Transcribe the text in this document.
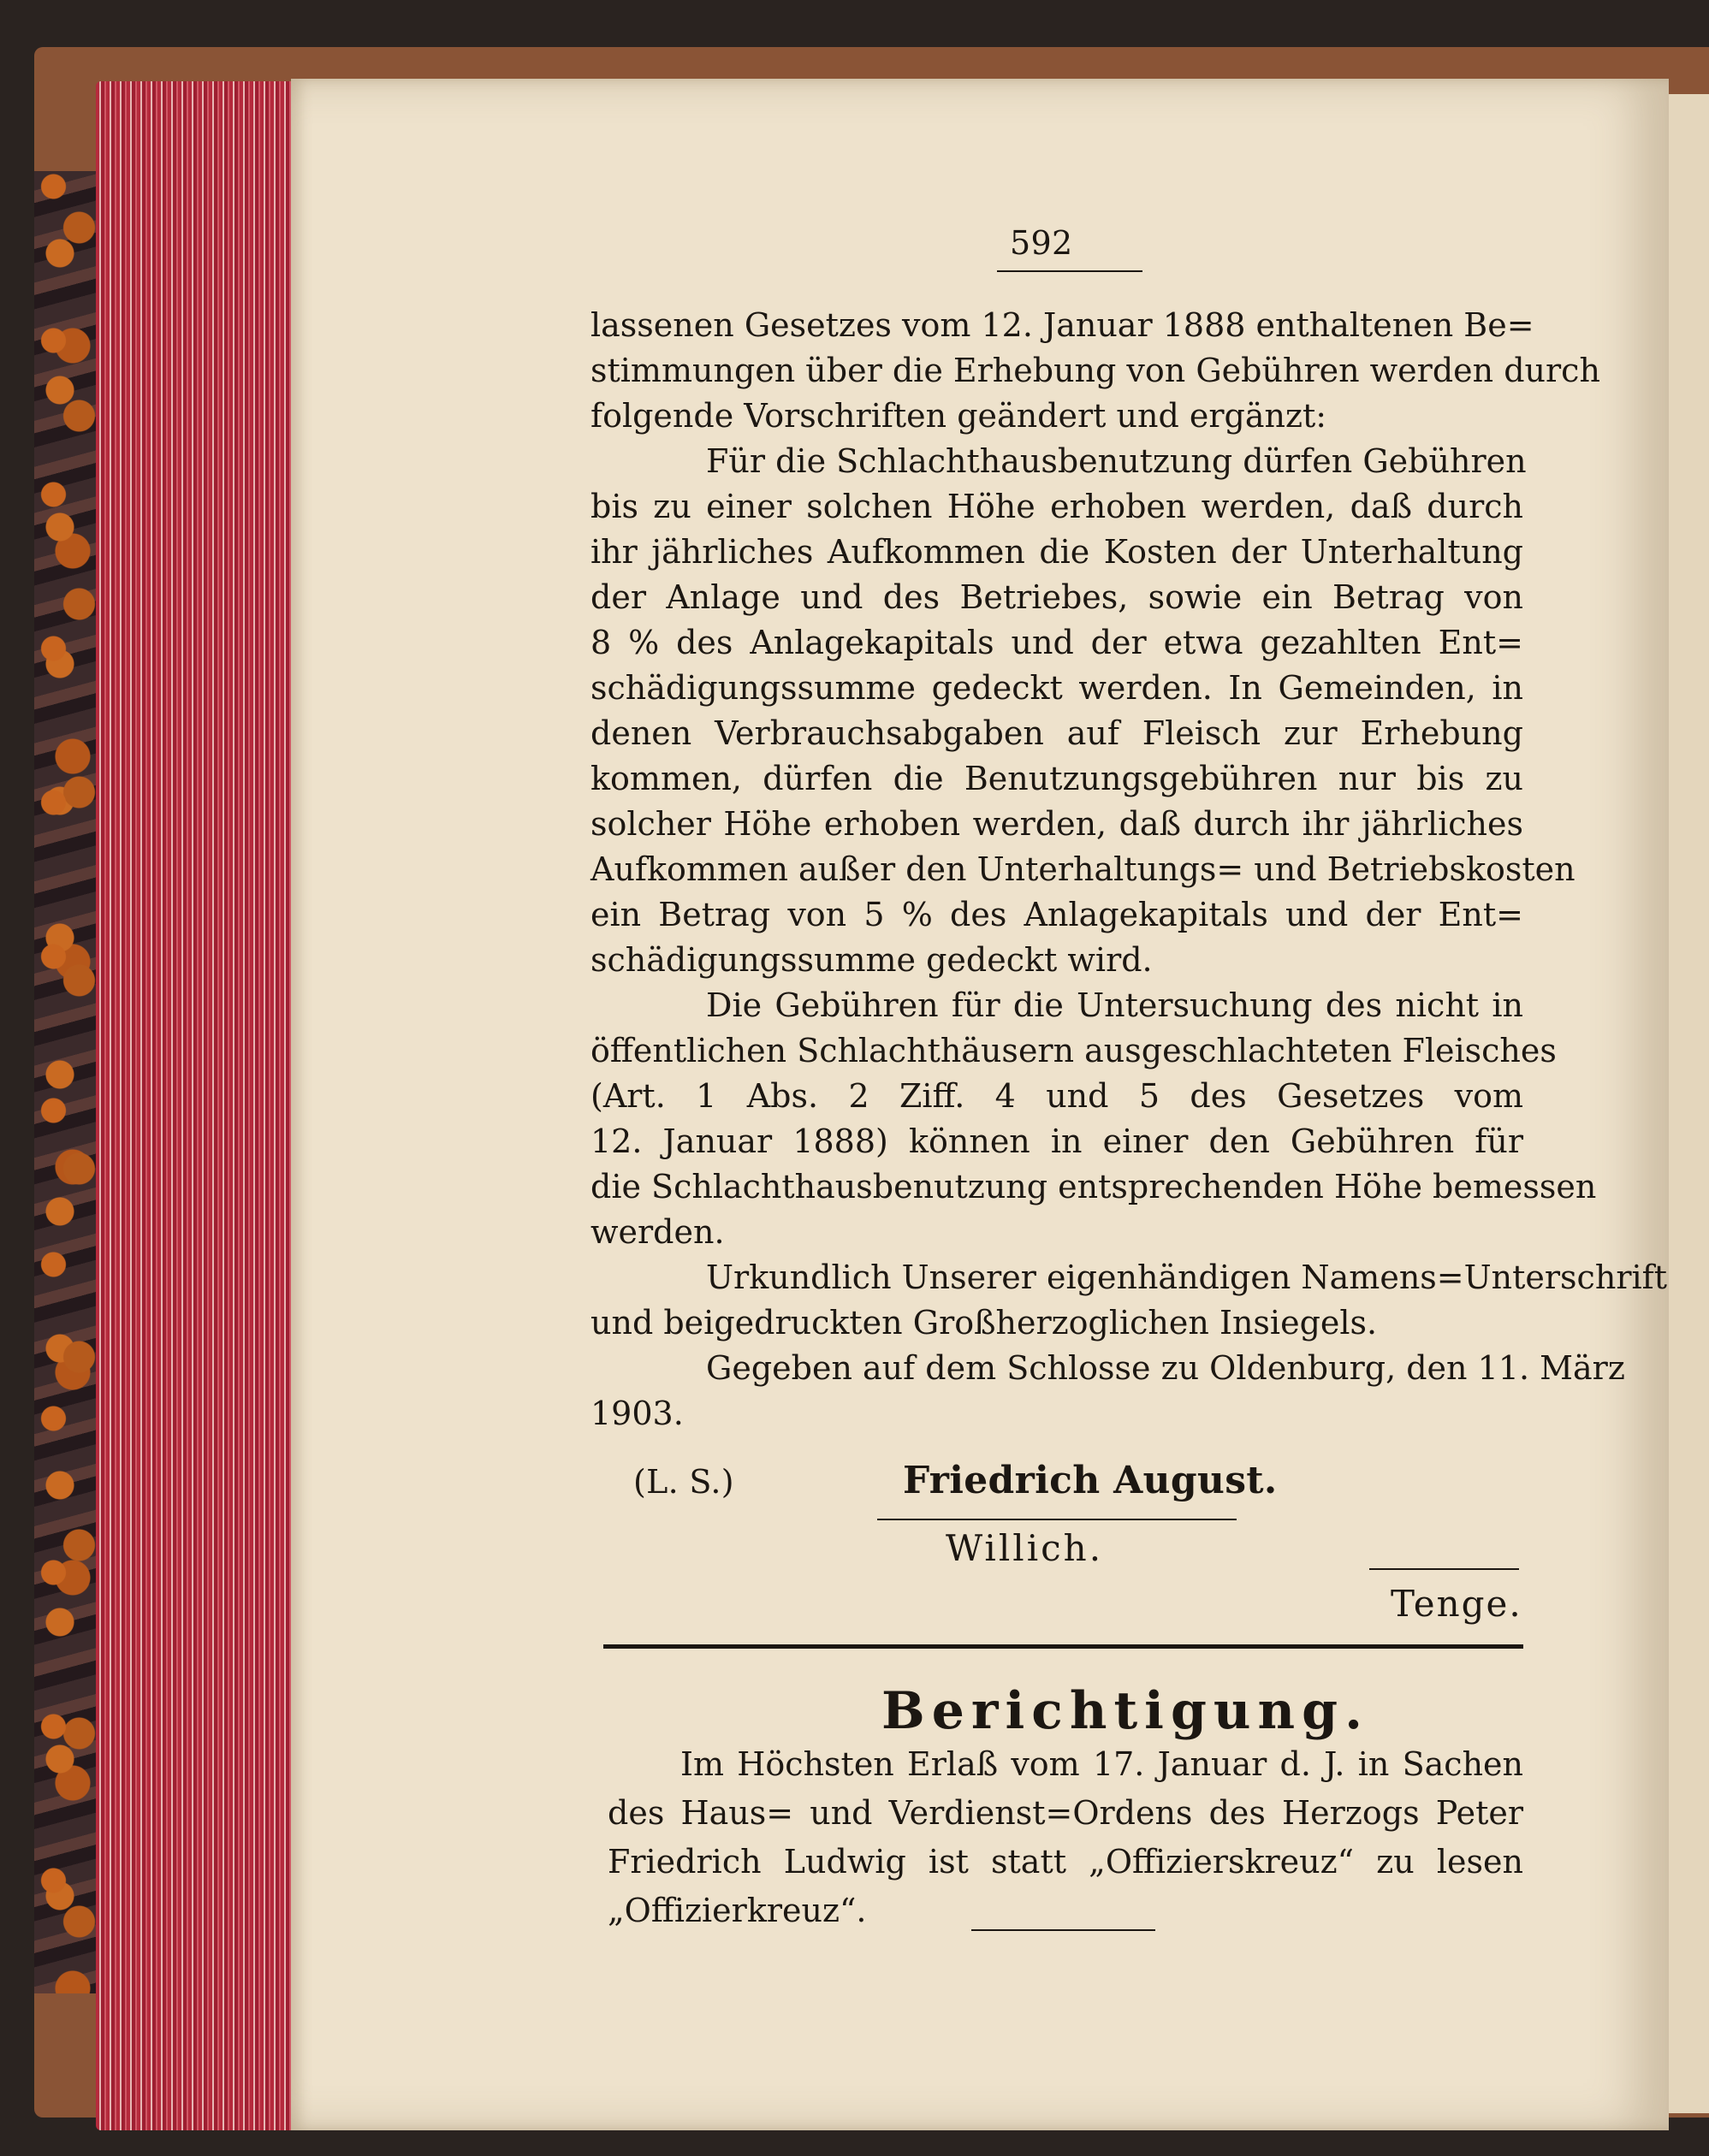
592
lassenen Gesetzes vom 12. Januar 1888 enthaltenen Be=
stimmungen über die Erhebung von Gebühren werden durch
folgende Vorschriften geändert und ergänzt:
Für die Schlachthausbenutzung dürfen Gebühren
bis zu einer solchen Höhe erhoben werden, daß durch
ihr jährliches Aufkommen die Kosten der Unterhaltung
der Anlage und des Betriebes, sowie ein Betrag von
8 % des Anlagekapitals und der etwa gezahlten Ent=
schädigungssumme gedeckt werden. In Gemeinden, in
denen Verbrauchsabgaben auf Fleisch zur Erhebung
kommen, dürfen die Benutzungsgebühren nur bis zu
solcher Höhe erhoben werden, daß durch ihr jährliches
Aufkommen außer den Unterhaltungs= und Betriebskosten
ein Betrag von 5 % des Anlagekapitals und der Ent=
schädigungssumme gedeckt wird.
Die Gebühren für die Untersuchung des nicht in
öffentlichen Schlachthäusern ausgeschlachteten Fleisches
(Art. 1 Abs. 2 Ziff. 4 und 5 des Gesetzes vom
12. Januar 1888) können in einer den Gebühren für
die Schlachthausbenutzung entsprechenden Höhe bemessen
werden.
Urkundlich Unserer eigenhändigen Namens=Unterschrift
und beigedruckten Großherzoglichen Insiegels.
Gegeben auf dem Schlosse zu Oldenburg, den 11. März
1903.
(L. S.)	Friedrich August.
Willich.
Tenge.
Berichtigung.
Im Höchsten Erlaß vom 17. Januar d. J. in Sachen
des Haus= und Verdienst=Ordens des Herzogs Peter
Friedrich Ludwig ist statt „Offizierskreuz“ zu lesen
„Offizierkreuz“.
